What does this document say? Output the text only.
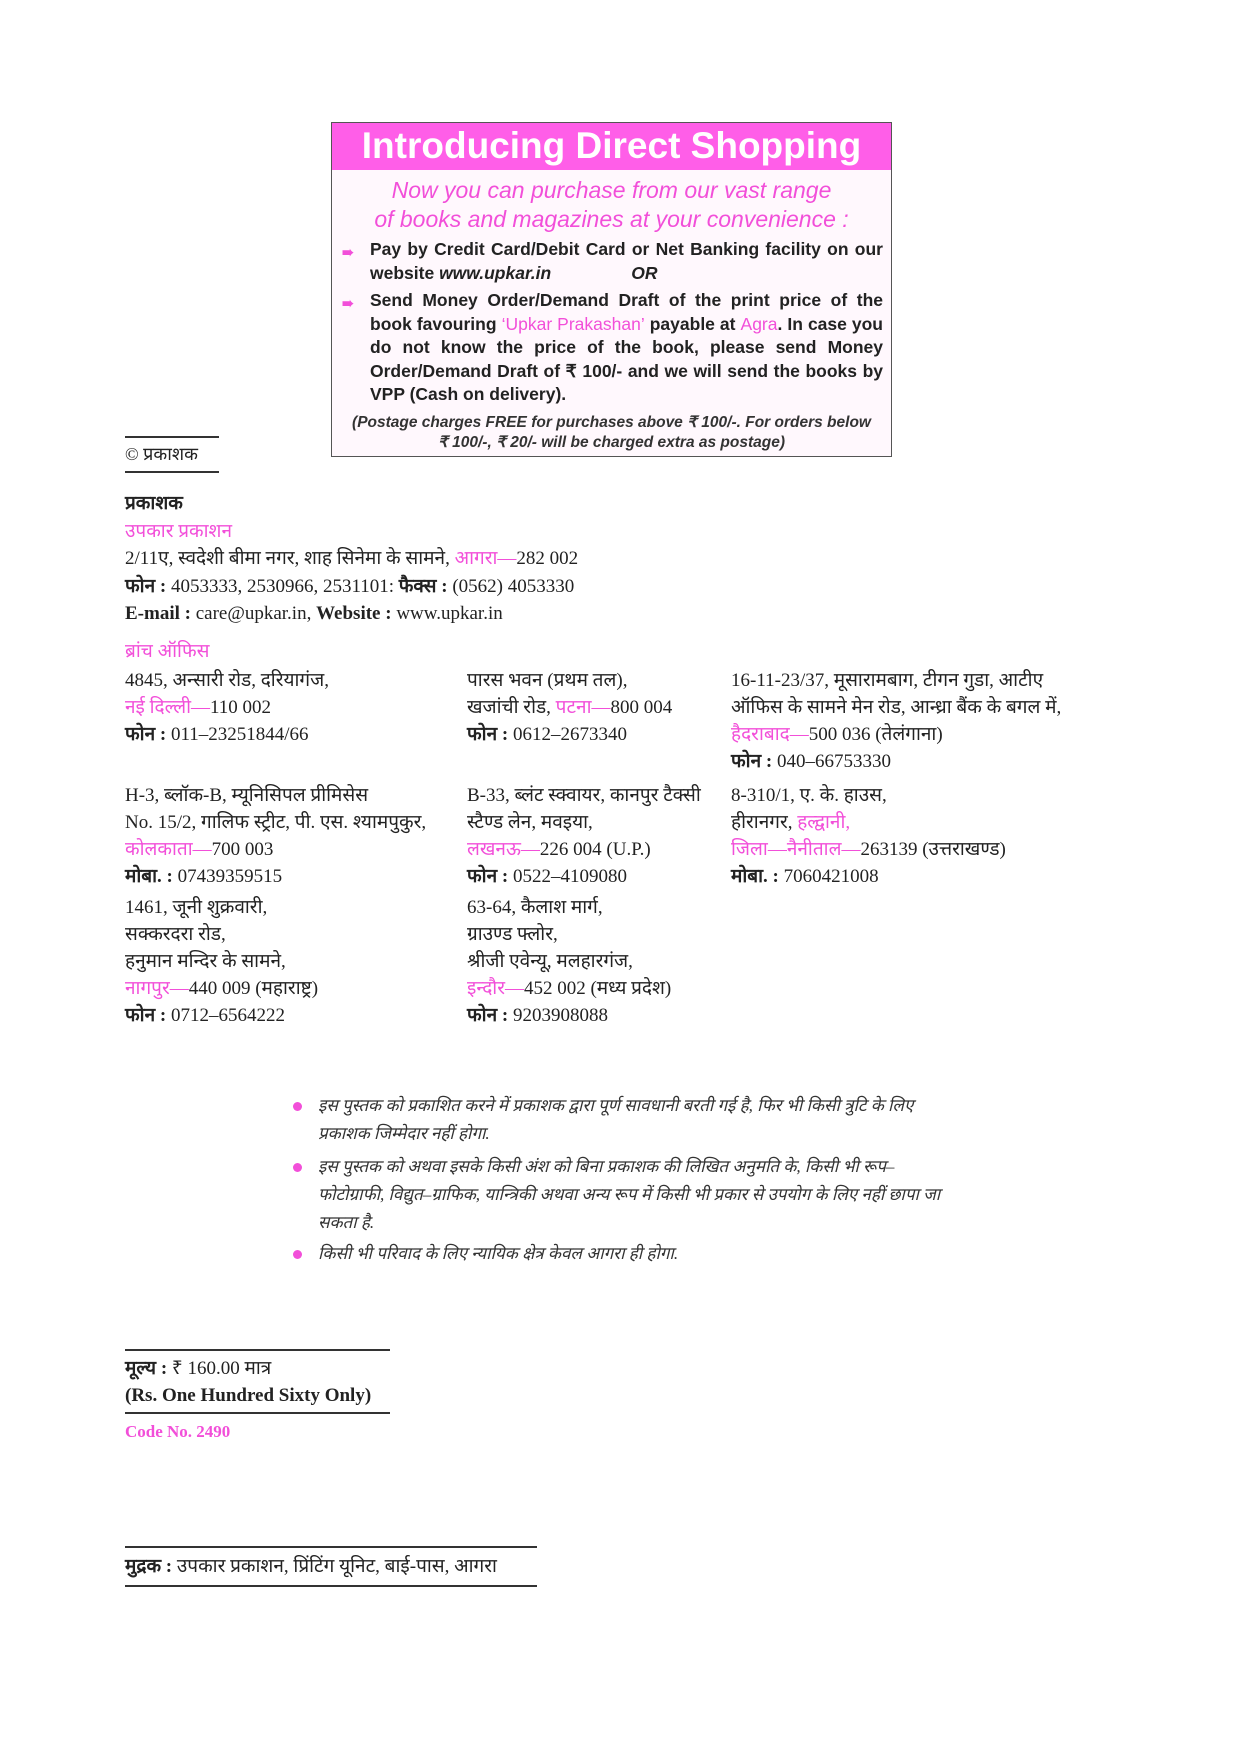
Introducing Direct Shopping
Now you can purchase from our vast range
of books and magazines at your convenience :
➠ Pay by Credit Card/Debit Card or Net Banking facility on our website www.upkar.in	OR
➠ Send Money Order/Demand Draft of the print price of the book favouring ‘Upkar Prakashan’ payable at Agra. In case you do not know the price of the book, please send Money Order/Demand Draft of ₹ 100/- and we will send the books by VPP (Cash on delivery).
(Postage charges FREE for purchases above ₹ 100/-. For orders below
₹ 100/-, ₹ 20/- will be charged extra as postage)
© प्रकाशक
प्रकाशक
उपकार प्रकाशन
2/11ए, स्वदेशी बीमा नगर, शाह सिनेमा के सामने, आगरा—282 002
फोन : 4053333, 2530966, 2531101: फैक्स : (0562) 4053330
E-mail : care@upkar.in, Website : www.upkar.in
ब्रांच ऑफिस
4845, अन्सारी रोड, दरियागंज,
नई दिल्ली—110 002
फोन : 011–23251844/66
पारस भवन (प्रथम तल),
खजांची रोड, पटना—800 004
फोन : 0612–2673340
16-11-23/37, मूसारामबाग, टीगन गुडा, आटीए
ऑफिस के सामने मेन रोड, आन्ध्रा बैंक के बगल में,
हैदराबाद—500 036 (तेलंगाना)
फोन : 040–66753330
H-3, ब्लॉक-B, म्यूनिसिपल प्रीमिसेस
No. 15/2, गालिफ स्ट्रीट, पी. एस. श्यामपुकुर,
कोलकाता—700 003
मोबा. : 07439359515
B-33, ब्लंट स्क्वायर, कानपुर टैक्सी
स्टैण्ड लेन, मवइया,
लखनऊ—226 004 (U.P.)
फोन : 0522–4109080
8-310/1, ए. के. हाउस,
हीरानगर, हल्द्वानी,
जिला—नैनीताल—263139 (उत्तराखण्ड)
मोबा. : 7060421008
1461, जूनी शुक्रवारी,
सक्करदरा रोड,
हनुमान मन्दिर के सामने,
नागपुर—440 009 (महाराष्ट्र)
फोन : 0712–6564222
63-64, कैलाश मार्ग,
ग्राउण्ड फ्लोर,
श्रीजी एवेन्यू, मलहारगंज,
इन्दौर—452 002 (मध्य प्रदेश)
फोन : 9203908088
इस पुस्तक को प्रकाशित करने में प्रकाशक द्वारा पूर्ण सावधानी बरती गई है, फिर भी किसी त्रुटि के लिए प्रकाशक जिम्मेदार नहीं होगा.
इस पुस्तक को अथवा इसके किसी अंश को बिना प्रकाशक की लिखित अनुमति के, किसी भी रूप–फोटोग्राफी, विद्युत–ग्राफिक, यान्त्रिकी अथवा अन्य रूप में किसी भी प्रकार से उपयोग के लिए नहीं छापा जा सकता है.
किसी भी परिवाद के लिए न्यायिक क्षेत्र केवल आगरा ही होगा.
मूल्य : ₹ 160.00 मात्र
(Rs. One Hundred Sixty Only)
Code No. 2490
मुद्रक : उपकार प्रकाशन, प्रिंटिंग यूनिट, बाई-पास, आगरा
